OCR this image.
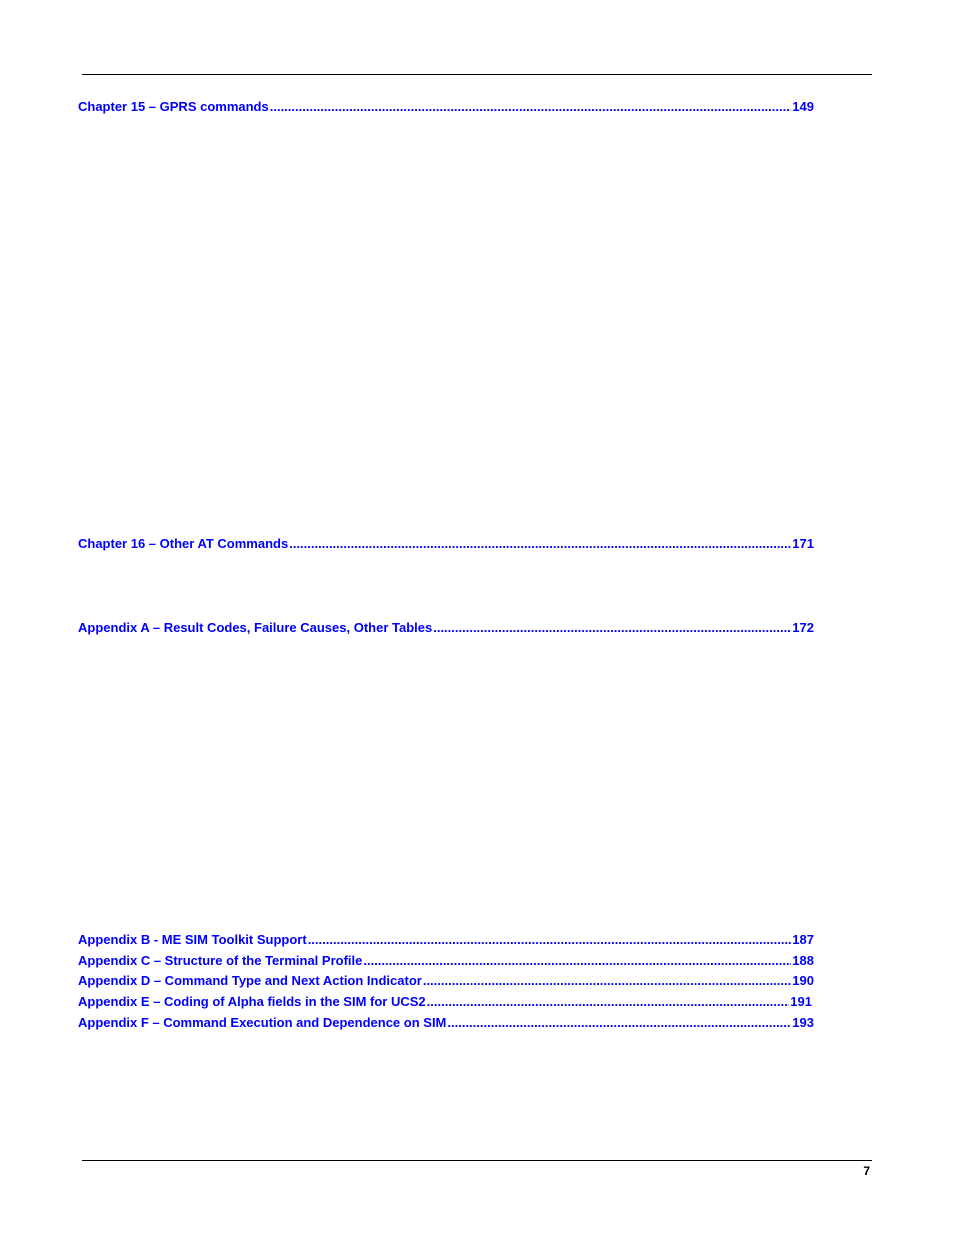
Chapter 15 – GPRS commands .....	149
Chapter 16 – Other AT Commands .....	171
Appendix A – Result Codes, Failure Causes, Other Tables .....	172
Appendix B - ME SIM Toolkit Support .....	187
Appendix C – Structure of the Terminal Profile .....	188
Appendix D – Command Type and Next Action Indicator .....	190
Appendix E – Coding of Alpha fields in the SIM for UCS2 .....	191
Appendix F – Command Execution and Dependence on SIM .....	193
7
